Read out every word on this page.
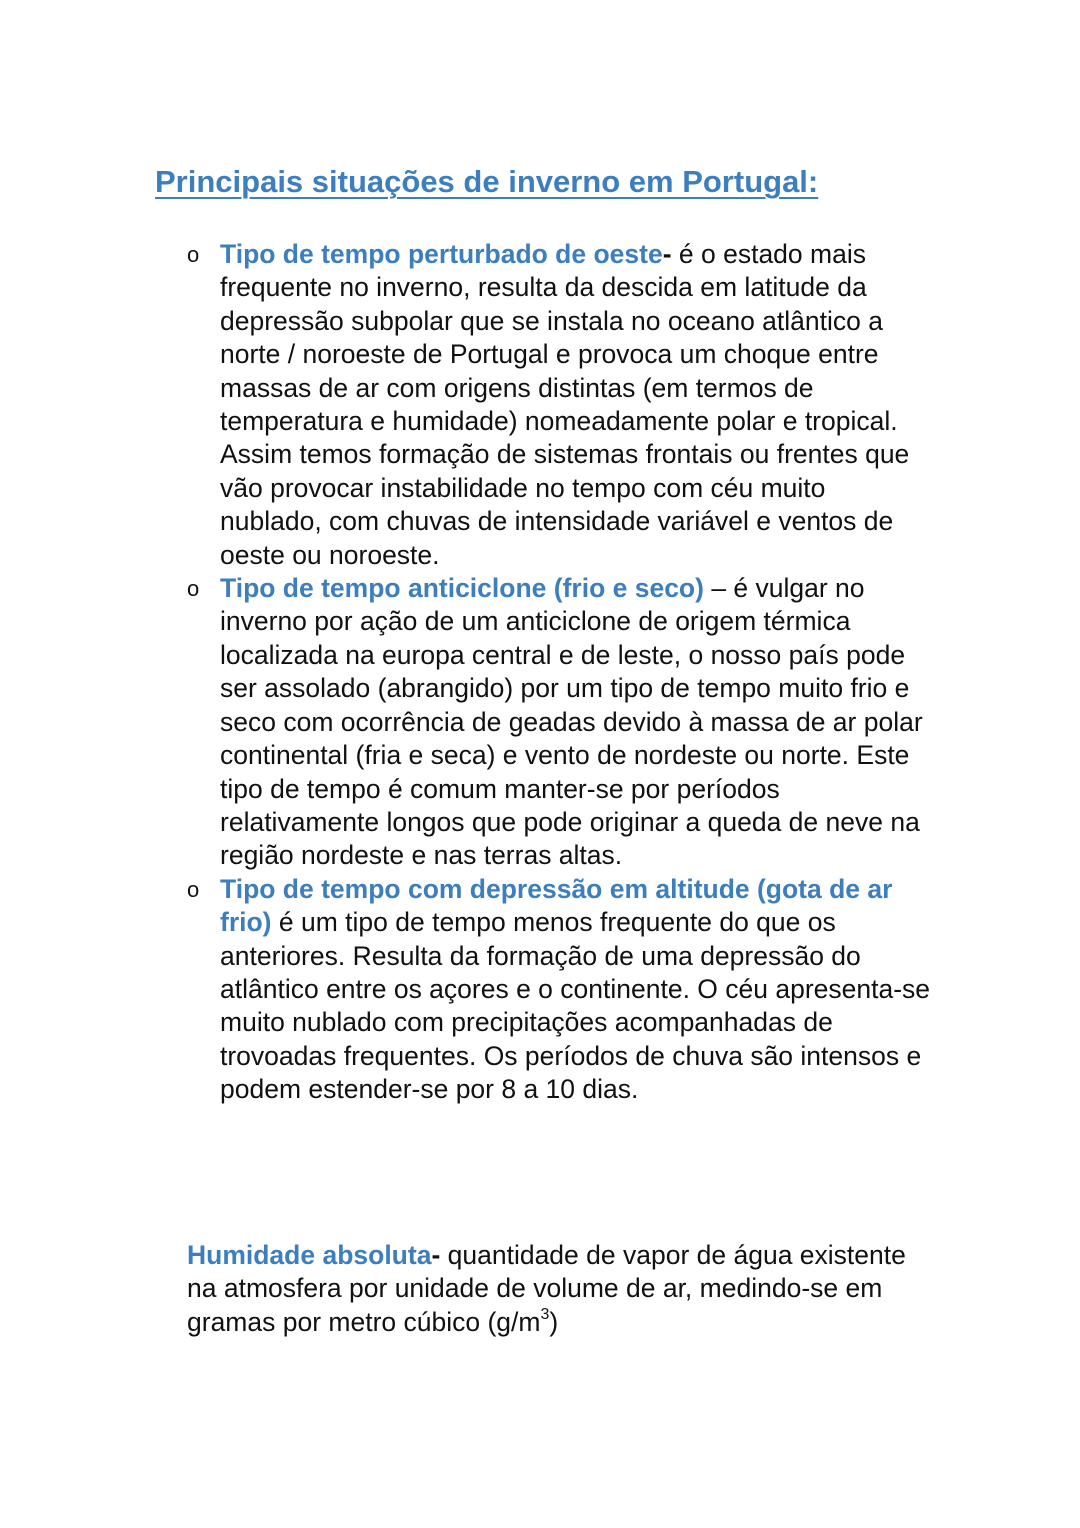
Principais situações de inverno em Portugal:
o Tipo de tempo perturbado de oeste- é o estado mais frequente no inverno, resulta da descida em latitude da depressão subpolar que se instala no oceano atlântico a norte / noroeste de Portugal e provoca um choque entre massas de ar com origens distintas (em termos de temperatura e humidade) nomeadamente polar e tropical. Assim temos formação de sistemas frontais ou frentes que vão provocar instabilidade no tempo com céu muito nublado, com chuvas de intensidade variável e ventos de oeste ou noroeste.
o Tipo de tempo anticiclone (frio e seco) – é vulgar no inverno por ação de um anticiclone de origem térmica localizada na europa central e de leste, o nosso país pode ser assolado (abrangido) por um tipo de tempo muito frio e seco com ocorrência de geadas devido à massa de ar polar continental (fria e seca) e vento de nordeste ou norte. Este tipo de tempo é comum manter-se por períodos relativamente longos que pode originar a queda de neve na região nordeste e nas terras altas.
o Tipo de tempo com depressão em altitude (gota de ar frio) é um tipo de tempo menos frequente do que os anteriores. Resulta da formação de uma depressão do atlântico entre os açores e o continente. O céu apresenta-se muito nublado com precipitações acompanhadas de trovoadas frequentes. Os períodos de chuva são intensos e podem estender-se por 8 a 10 dias.

Humidade absoluta- quantidade de vapor de água existente na atmosfera por unidade de volume de ar, medindo-se em gramas por metro cúbico $(g/m^3)$
